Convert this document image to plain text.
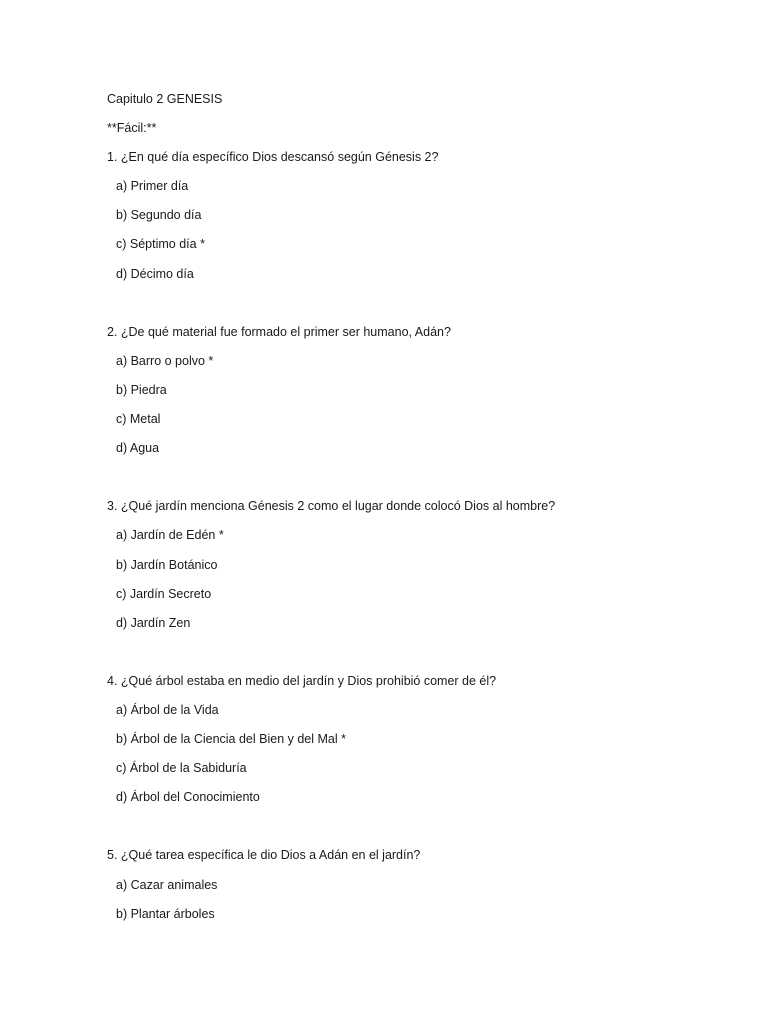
Capitulo 2 GENESIS
**Fácil:**
1. ¿En qué día específico Dios descansó según Génesis 2?
a) Primer día
b) Segundo día
c) Séptimo día *
d) Décimo día
2. ¿De qué material fue formado el primer ser humano, Adán?
a) Barro o polvo *
b) Piedra
c) Metal
d) Agua
3. ¿Qué jardín menciona Génesis 2 como el lugar donde colocó Dios al hombre?
a) Jardín de Edén *
b) Jardín Botánico
c) Jardín Secreto
d) Jardín Zen
4. ¿Qué árbol estaba en medio del jardín y Dios prohibió comer de él?
a) Árbol de la Vida
b) Árbol de la Ciencia del Bien y del Mal *
c) Árbol de la Sabiduría
d) Árbol del Conocimiento
5. ¿Qué tarea específica le dio Dios a Adán en el jardín?
a) Cazar animales
b) Plantar árboles
